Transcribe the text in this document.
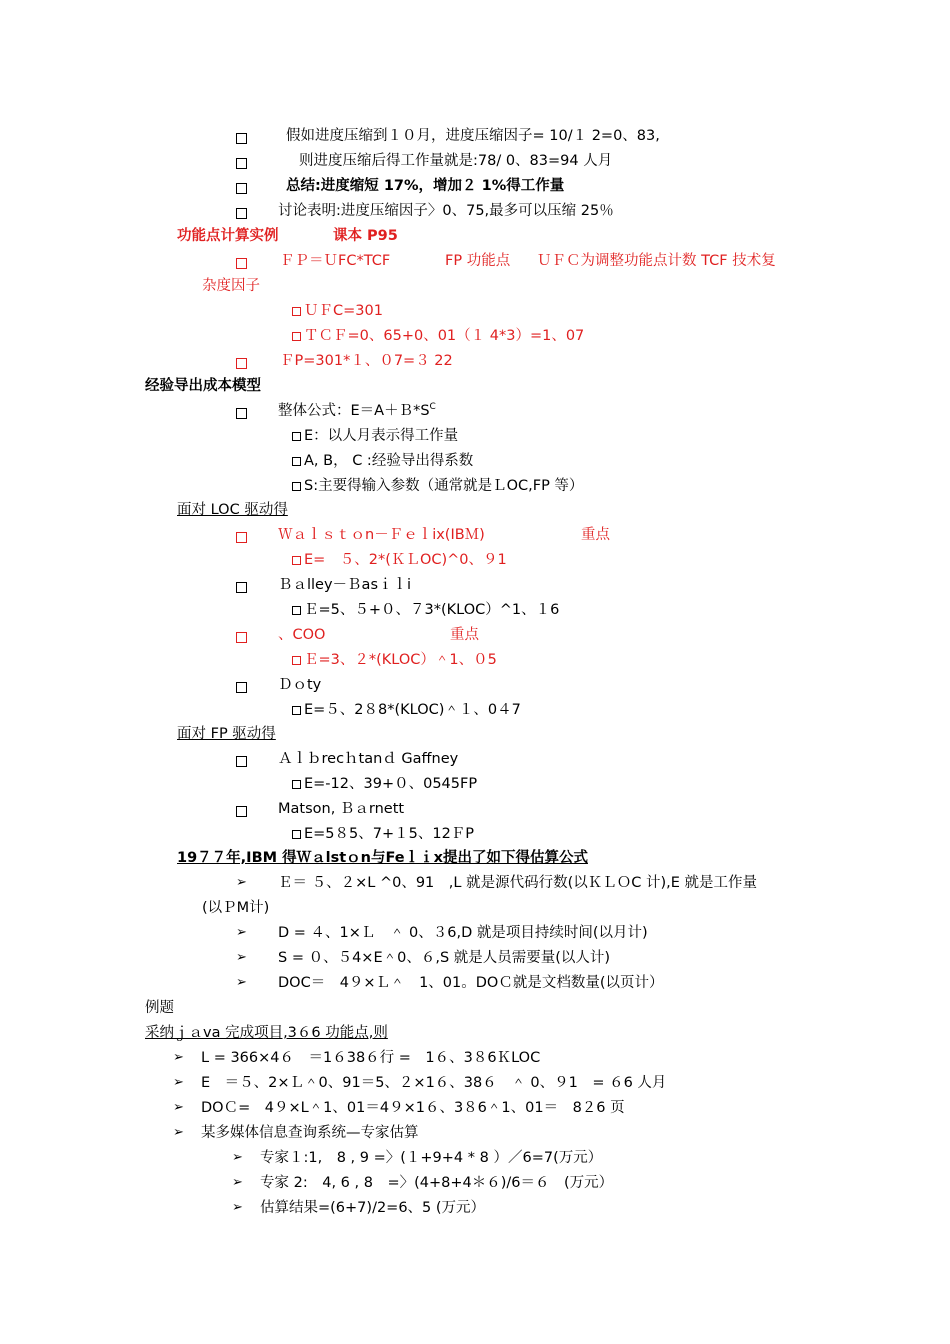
假如进度压缩到１０月，进度压缩因子= 10/１ 2=0、83,
则进度压缩后得工作量就是:78/ 0、83=94 人月
总结:进度缩短 17%，增加２ 1%得工作量
讨论表明:进度压缩因子〉0、75,最多可以压缩 25％
功能点计算实例	课本 P95
ＦＰ＝ＵFC*TCF	FP 功能点 ＵＦＣ为调整功能点计数 TCF 技术复
杂度因子
ＵＦC=301
ＴＣＦ=0、65+0、01（１ 4*3）=1、07
ＦP=301*１、０7=３ 22
经验导出成本模型
整体公式：$E=A+B*S^C$
E：以人月表示得工作量
A, B， C :经验导出得系数
S:主要得输入参数（通常就是ＬOC,FP 等）
面对 LOC 驱动得
Ｗａｌｓｔｏn－Ｆｅｌix(IBＭ)	重点
E=　５、2*(ＫＬOC)^0、９1
Ｂａlley－Ｂasｉｌi
Ｅ=5、５+０、７3*(KLOC）^1、１6
、COO	重点
Ｅ=3、２*(KLOC）＾1、０5
Ｄｏty
E=５、2８8*(KLOC)＾１、0４7
面对 FP 驱动得
Ａｌｂrecｈtanｄ Gaffney
E=-12、39+０、0545FP
Matson, Ｂａrnett
E=5８5、7+１5、12ＦP
19７７年,IBM 得Ｗａlstｏn与Feｌｉx提出了如下得估算公式
➢ Ｅ＝ ５、２×L ^0、91　,L 就是源代码行数(以ＫＬＯC 计),E 就是工作量
(以ＰM计)
➢ D = ４、1×Ｌ　＾ 0、３6,D 就是项目持续时间(以月计)
➢ S = ０、５4×E＾0、６,S 就是人员需要量(以人计)
➢ DOC＝　4９×Ｌ＾　1、01。DOＣ就是文档数量(以页计）
例题
采纳ｊａva 完成项目,3６6 功能点,则
➢ L = 366×4６　＝1６38６行 =　1６、3８6ＫLOC
➢ E　＝５、2×Ｌ＾0、91＝5、２×1６、38６　＾ 0、９1　= ６6 人月
➢ DOＣ=　4９×L＾1、01＝4９×1６、3８6＾1、01＝　8２6 页
➢ 某多媒体信息查询系统—专家估算
➢ 专家１:1,　8 , 9 =〉(１+9+4 * 8 ）／6=7(万元）
➢ 专家 2:　4, 6 , 8　=〉(4+8+4＊６)/6＝６　(万元）
➢ 估算结果=(6+7)/2=6、5 (万元）
